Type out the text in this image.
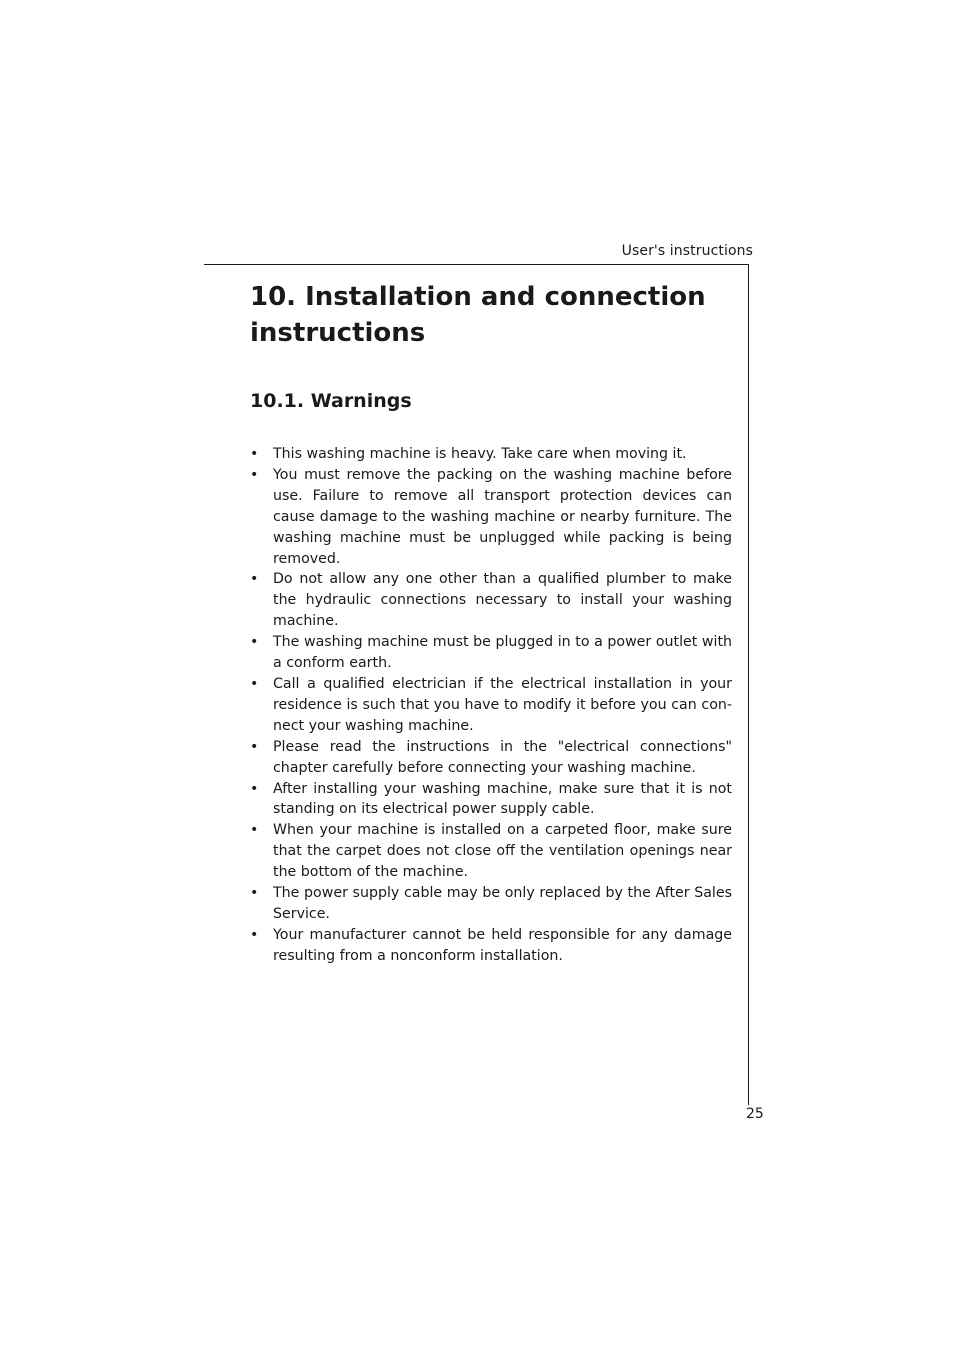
User's instructions
10. Installation and connection instructions
10.1. Warnings
• This washing machine is heavy. Take care when moving it.
• You must remove the packing on the washing machine before use. Failure to remove all transport protection devices can cause damage to the washing machine or nearby furniture. The washing machine must be unplugged while packing is being removed.
• Do not allow any one other than a qualified plumber to make the hydraulic connections necessary to install your washing machine.
• The washing machine must be plugged in to a power outlet with a conform earth.
• Call a qualified electrician if the electrical installation in your residence is such that you have to modify it before you can connect your washing machine.
• Please read the instructions in the "electrical connections" chapter carefully before connecting your washing machine.
• After installing your washing machine, make sure that it is not standing on its electrical power supply cable.
• When your machine is installed on a carpeted floor, make sure that the carpet does not close off the ventilation openings near the bottom of the machine.
• The power supply cable may be only replaced by the After Sales Service.
• Your manufacturer cannot be held responsible for any damage resulting from a nonconform installation.
25
